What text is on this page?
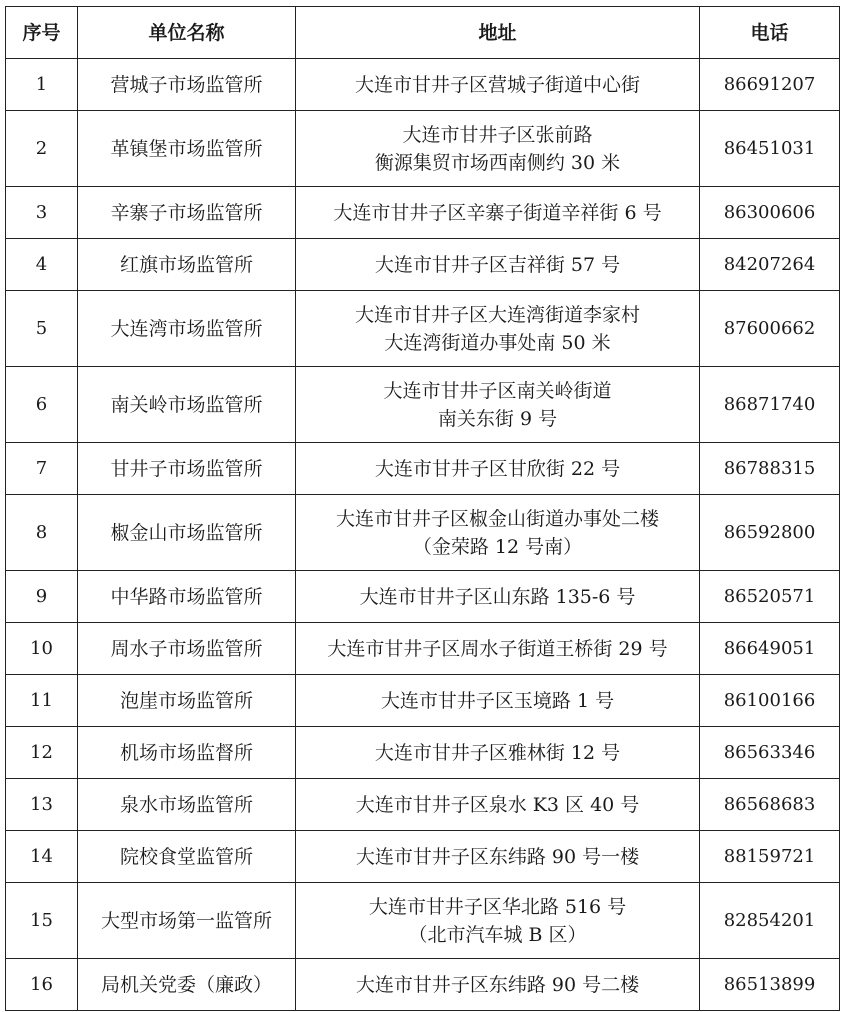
序号	单位名称	地址	电话
1	营城子市场监管所	大连市甘井子区营城子街道中心街	86691207
2	革镇堡市场监管所	大连市甘井子区张前路
衡源集贸市场西南侧约 30 米	86451031
3	辛寨子市场监管所	大连市甘井子区辛寨子街道辛祥街 6 号	86300606
4	红旗市场监管所	大连市甘井子区吉祥街 57 号	84207264
5	大连湾市场监管所	大连市甘井子区大连湾街道李家村
大连湾街道办事处南 50 米	87600662
6	南关岭市场监管所	大连市甘井子区南关岭街道
南关东街 9 号	86871740
7	甘井子市场监管所	大连市甘井子区甘欣街 22 号	86788315
8	椒金山市场监管所	大连市甘井子区椒金山街道办事处二楼
（金荣路 12 号南）	86592800
9	中华路市场监管所	大连市甘井子区山东路 135-6 号	86520571
10	周水子市场监管所	大连市甘井子区周水子街道王桥街 29 号	86649051
11	泡崖市场监管所	大连市甘井子区玉境路 1 号	86100166
12	机场市场监督所	大连市甘井子区雅林街 12 号	86563346
13	泉水市场监管所	大连市甘井子区泉水 K3 区 40 号	86568683
14	院校食堂监管所	大连市甘井子区东纬路 90 号一楼	88159721
15	大型市场第一监管所	大连市甘井子区华北路 516 号
（北市汽车城 B 区）	82854201
16	局机关党委（廉政）	大连市甘井子区东纬路 90 号二楼	86513899
